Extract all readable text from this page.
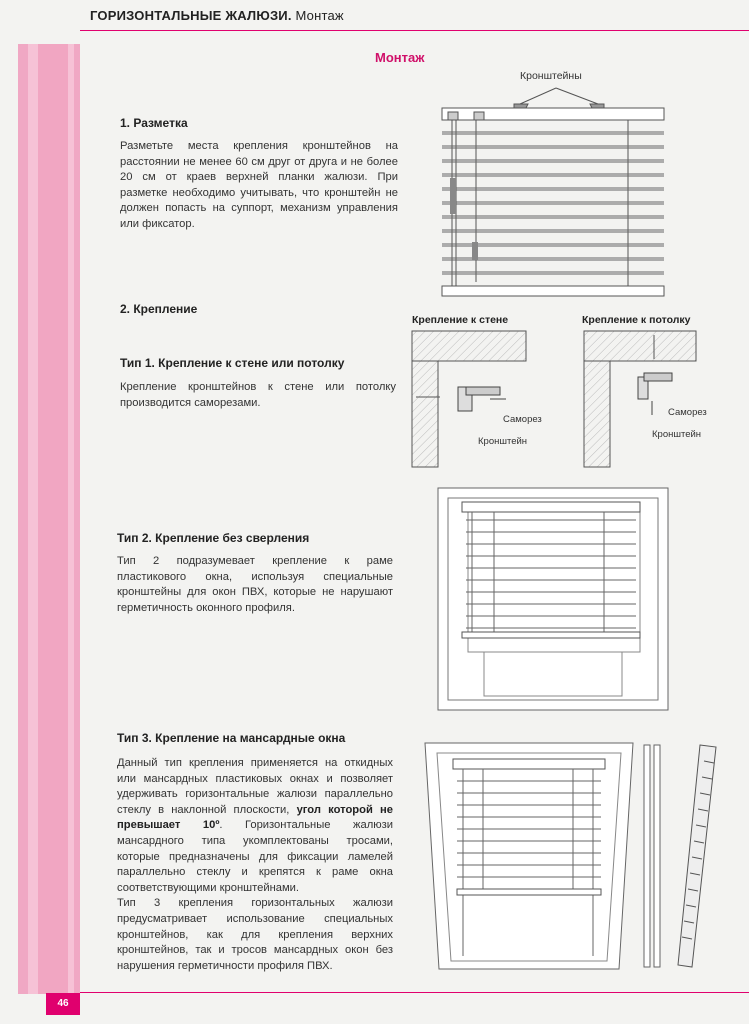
ГОРИЗОНТАЛЬНЫЕ ЖАЛЮЗИ. Монтаж
Монтаж
1. Разметка

Разметьте места крепления кронштейнов на расстоянии не менее 60 см друг от друга и не более 20 см от краев верхней планки жалюзи. При разметке необходимо учитывать, что кронштейн не должен попасть на суппорт, механизм управления или фиксатор.

Кронштейны
2. Крепление
Тип 1. Крепление к стене или потолку

Крепление кронштейнов к стене или потолку производится саморезами.

Крепление к стене
Саморез
Кронштейн
Крепление к потолку
Саморез
Кронштейн
Тип 2. Крепление без сверления

Тип 2 подразумевает крепление к раме пластикового окна, используя специальные кронштейны для окон ПВХ, которые не нарушают герметичность оконного профиля.

Тип 3. Крепление на мансардные окна

Данный тип крепления применяется на откидных или мансардных пластиковых окнах и позволяет удерживать горизонтальные жалюзи параллельно стеклу в наклонной плоскости, угол которой не превышает 10º. Горизонтальные жалюзи мансардного типа укомплектованы тросами, которые предназначены для фиксации ламелей параллельно стеклу и крепятся к раме окна соответствующими кронштейнами.
Тип 3 крепления горизонтальных жалюзи предусматривает использование специальных кронштейнов, как для крепления верхних кронштейнов, так и тросов мансардных окон без нарушения герметичности профиля ПВХ.

46
